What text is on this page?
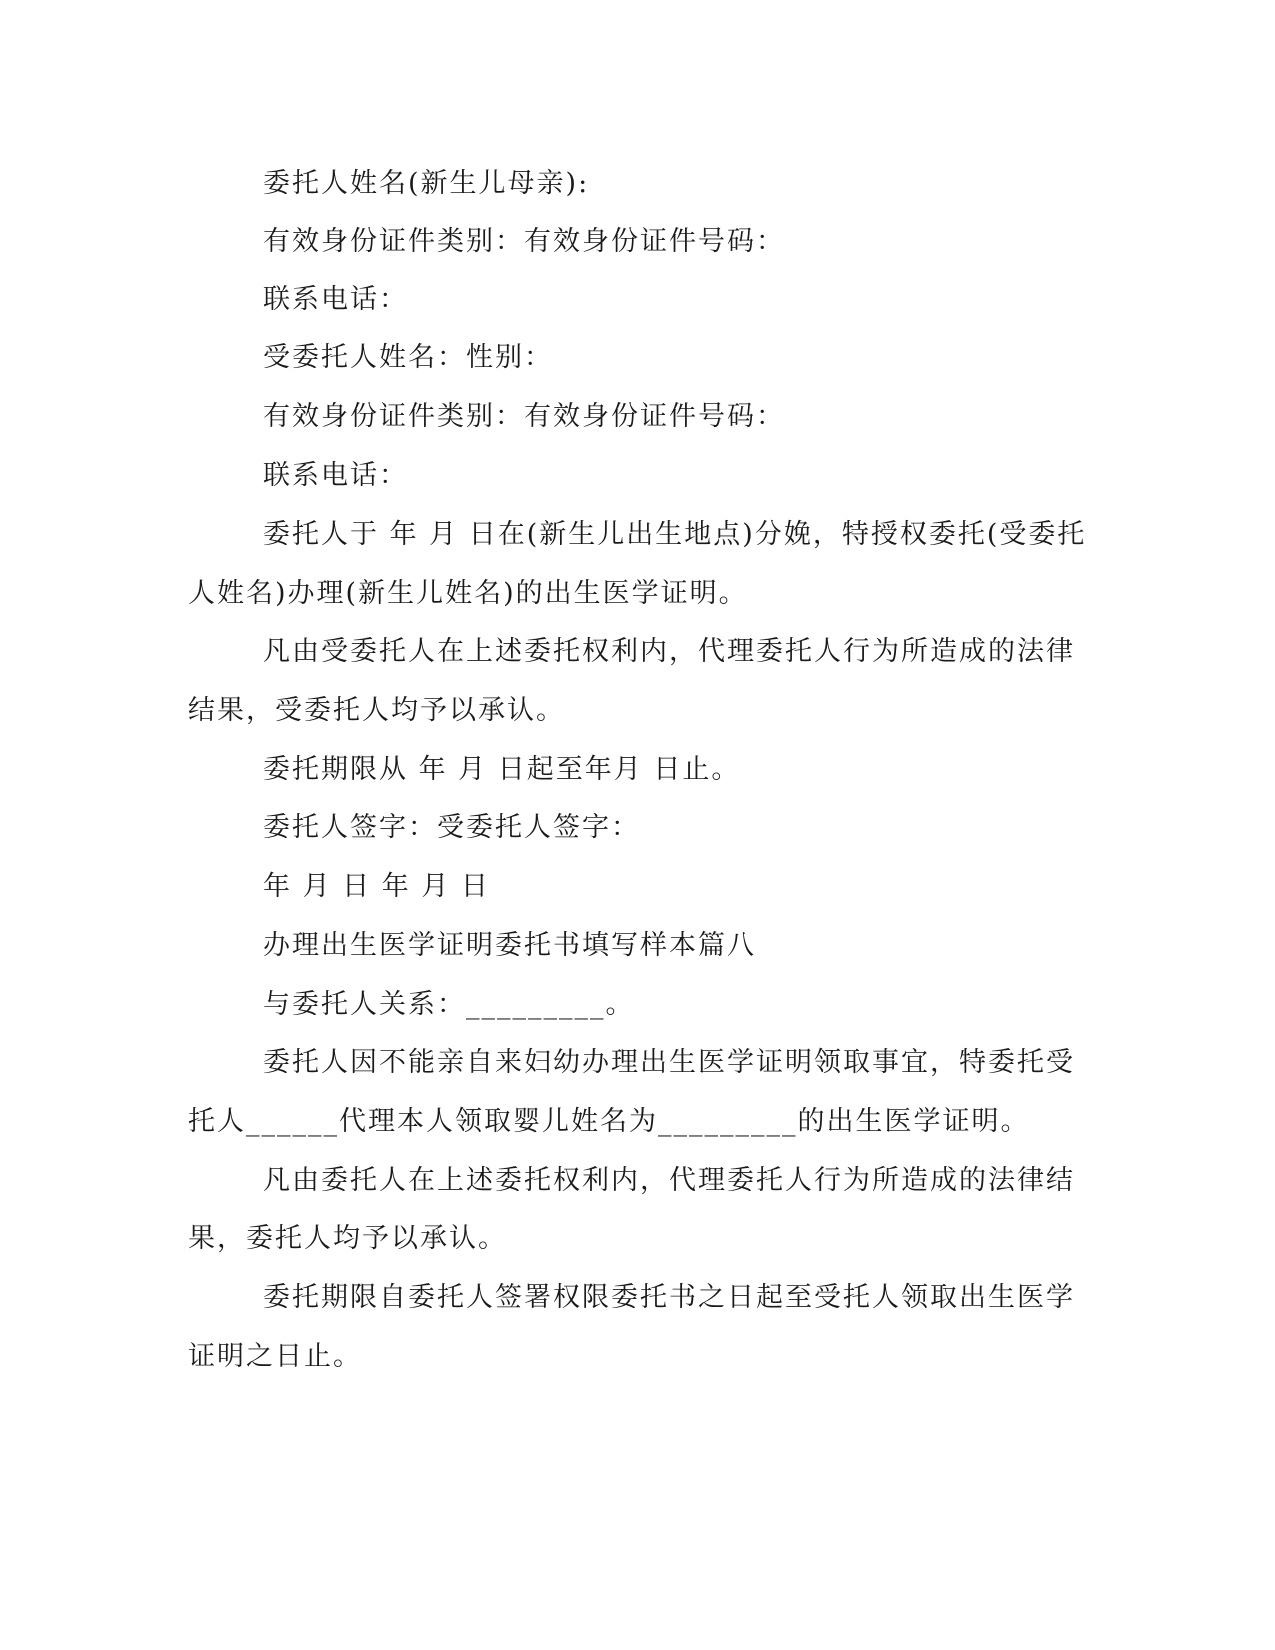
委托人姓名(新生儿母亲):
有效身份证件类别：有效身份证件号码：
联系电话：
受委托人姓名：性别：
有效身份证件类别：有效身份证件号码：
联系电话：
委托人于 年 月 日在(新生儿出生地点)分娩，特授权委托(受委托
人姓名)办理(新生儿姓名)的出生医学证明。
凡由受委托人在上述委托权利内，代理委托人行为所造成的法律
结果，受委托人均予以承认。
委托期限从 年 月 日起至年月 日止。
委托人签字：受委托人签字：
年 月 日 年 月 日
办理出生医学证明委托书填写样本篇八
与委托人关系：_________。
委托人因不能亲自来妇幼办理出生医学证明领取事宜，特委托受
托人______代理本人领取婴儿姓名为_________的出生医学证明。
凡由委托人在上述委托权利内，代理委托人行为所造成的法律结
果，委托人均予以承认。
委托期限自委托人签署权限委托书之日起至受托人领取出生医学
证明之日止。
